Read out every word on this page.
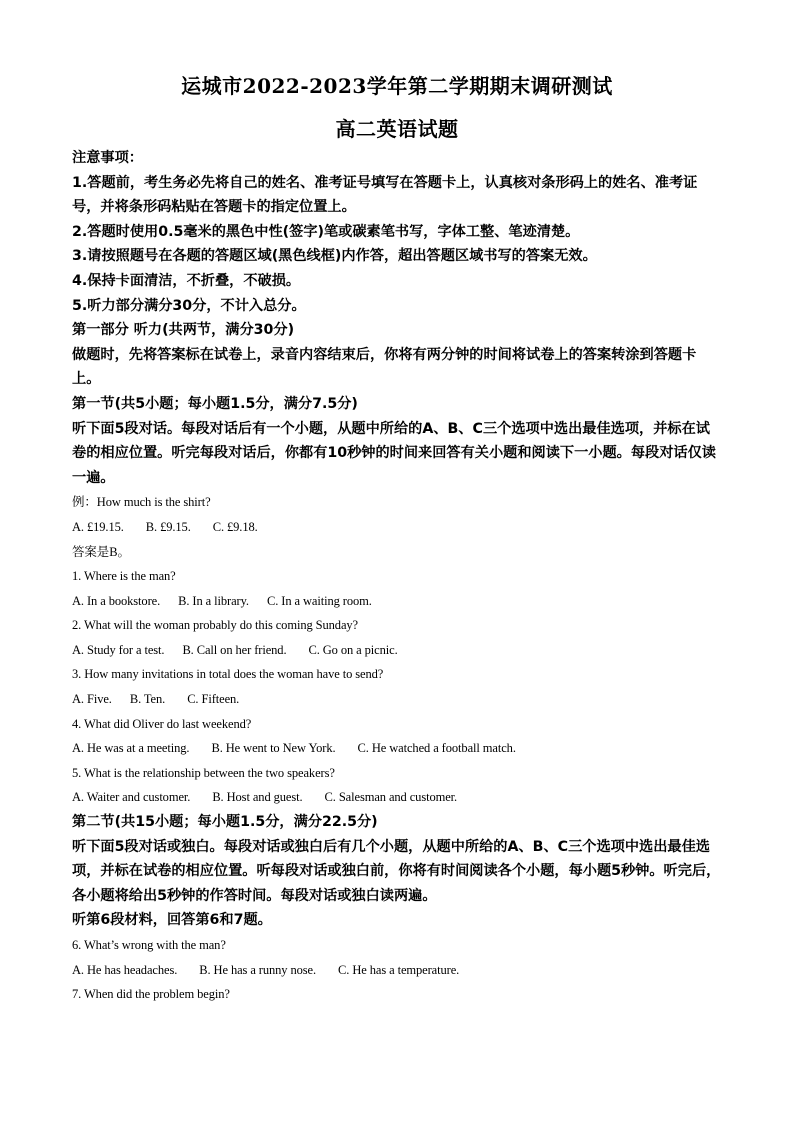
运城市2022-2023学年第二学期期末调研测试
高二英语试题

注意事项：

1.答题前，考生务必先将自己的姓名、准考证号填写在答题卡上，认真核对条形码上的姓名、准考证号，并将条形码粘贴在答题卡的指定位置上。

2.答题时使用0.5毫米的黑色中性(签字)笔或碳素笔书写，字体工整、笔迹清楚。

3.请按照题号在各题的答题区域(黑色线框)内作答，超出答题区域书写的答案无效。

4.保持卡面清洁，不折叠，不破损。

5.听力部分满分30分，不计入总分。

第一部分 听力(共两节，满分30分)

做题时，先将答案标在试卷上，录音内容结束后，你将有两分钟的时间将试卷上的答案转涂到答题卡上。

第一节(共5小题；每小题1.5分，满分7.5分)

听下面5段对话。每段对话后有一个小题，从题中所给的A、B、C三个选项中选出最佳选项，并标在试卷的相应位置。听完每段对话后，你都有10秒钟的时间来回答有关小题和阅读下一小题。每段对话仅读一遍。

例：How much is the shirt?

A. £19.15. B. £9.15. C. £9.18.

答案是B。

1. Where is the man?

A. In a bookstore. B. In a library. C. In a waiting room.

2. What will the woman probably do this coming Sunday?

A. Study for a test. B. Call on her friend. C. Go on a picnic.

3. How many invitations in total does the woman have to send?

A. Five. B. Ten. C. Fifteen.

4. What did Oliver do last weekend?

A. He was at a meeting. B. He went to New York. C. He watched a football match.

5. What is the relationship between the two speakers?

A. Waiter and customer. B. Host and guest. C. Salesman and customer.

第二节(共15小题；每小题1.5分，满分22.5分)

听下面5段对话或独白。每段对话或独白后有几个小题，从题中所给的A、B、C三个选项中选出最佳选项，并标在试卷的相应位置。听每段对话或独白前，你将有时间阅读各个小题，每小题5秒钟。听完后，各小题将给出5秒钟的作答时间。每段对话或独白读两遍。

听第6段材料，回答第6和7题。

6. What’s wrong with the man?

A. He has headaches. B. He has a runny nose. C. He has a temperature.

7. When did the problem begin?
